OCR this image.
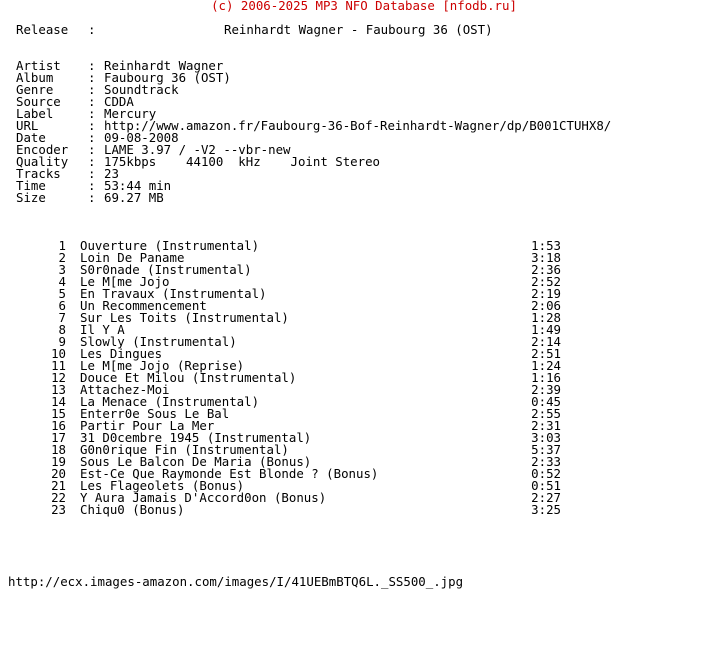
(c) 2006-2025 MP3 NFO Database [nfodb.ru]
Release :	Reinhardt Wagner - Faubourg 36 (OST)
Artist : Reinhardt Wagner
Album	: Faubourg 36 (OST)
Genre	: Soundtrack
Source : CDDA
Label	: Mercury
URL	: http://www.amazon.fr/Faubourg-36-Bof-Reinhardt-Wagner/dp/B001CTUHX8/
Date	: 09-08-2008
Encoder : LAME 3.97 / -V2 --vbr-new
Quality : 175kbps    44100  kHz    Joint Stereo
Tracks : 23
Time	: 53:44 min
Size	: 69.27 MB
1 Ouverture (Instrumental)	1:53
2 Loin De Paname	3:18
3 S0r0nade (Instrumental)	2:36
4 Le M[me Jojo	2:52
5 En Travaux (Instrumental)	2:19
6 Un Recommencement	2:06
7 Sur Les Toits (Instrumental)	1:28
8 Il Y A	1:49
9 Slowly (Instrumental)	2:14
10 Les Dingues	2:51
11 Le M[me Jojo (Reprise)	1:24
12 Douce Et Milou (Instrumental)	1:16
13 Attachez-Moi	2:39
14 La Menace (Instrumental)	0:45
15 Enterr0e Sous Le Bal	2:55
16 Partir Pour La Mer	2:31
17 31 D0cembre 1945 (Instrumental)	3:03
18 G0n0rique Fin (Instrumental)	5:37
19 Sous Le Balcon De Maria (Bonus)	2:33
20 Est-Ce Que Raymonde Est Blonde ? (Bonus)	0:52
21 Les Flageolets (Bonus)	0:51
22 Y Aura Jamais D'Accord0on (Bonus)	2:27
23 Chiqu0 (Bonus)	3:25
http://ecx.images-amazon.com/images/I/41UEBmBTQ6L._SS500_.jpg
